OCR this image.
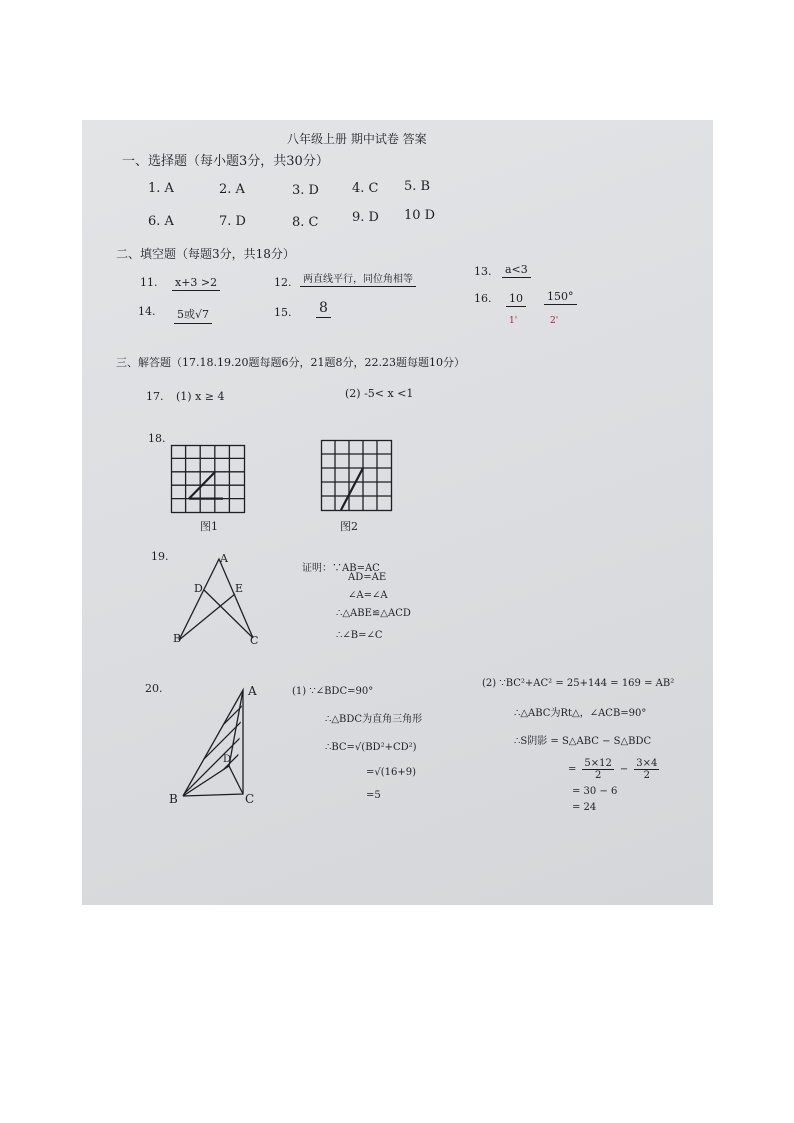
八年级上册 期中试卷 答案
一、选择题（每小题3分，共30分）
1. A	2. A	3. D	4. C 5. B
6. A	7. D	8. C	9. D 10 D
二、填空题（每题3分，共18分）
11. x+3 >2	12.	两直线平行，同位角相等
13. a<3
14. 5或√7	15. 8
16. 10 150°
1'	2'
三、解答题（17.18.19.20题每题6分，21题8分，22.23题每题10分）
17. (1) x ≥ 4	(2) -5< x <1
18.
图1	图2
19.	A
D	E
B	C
证明：∵AB=AC
AD=AE
∠A=∠A
∴△ABE≌△ACD
∴∠B=∠C
20.	A
D
B	C
(1) ∵∠BDC=90°
∴△BDC为直角三角形
∴BC=√(BD²+CD²)
=√(16+9)
=5
(2) ∵BC²+AC² = 25+144 = 169 = AB²
∴△ABC为Rt△，∠ACB=90°
∴S阴影 = S△ABC − S△BDC
= $\frac{5\times 12}{2} - \frac{3\times 4}{2}$
= 30 − 6
= 24
